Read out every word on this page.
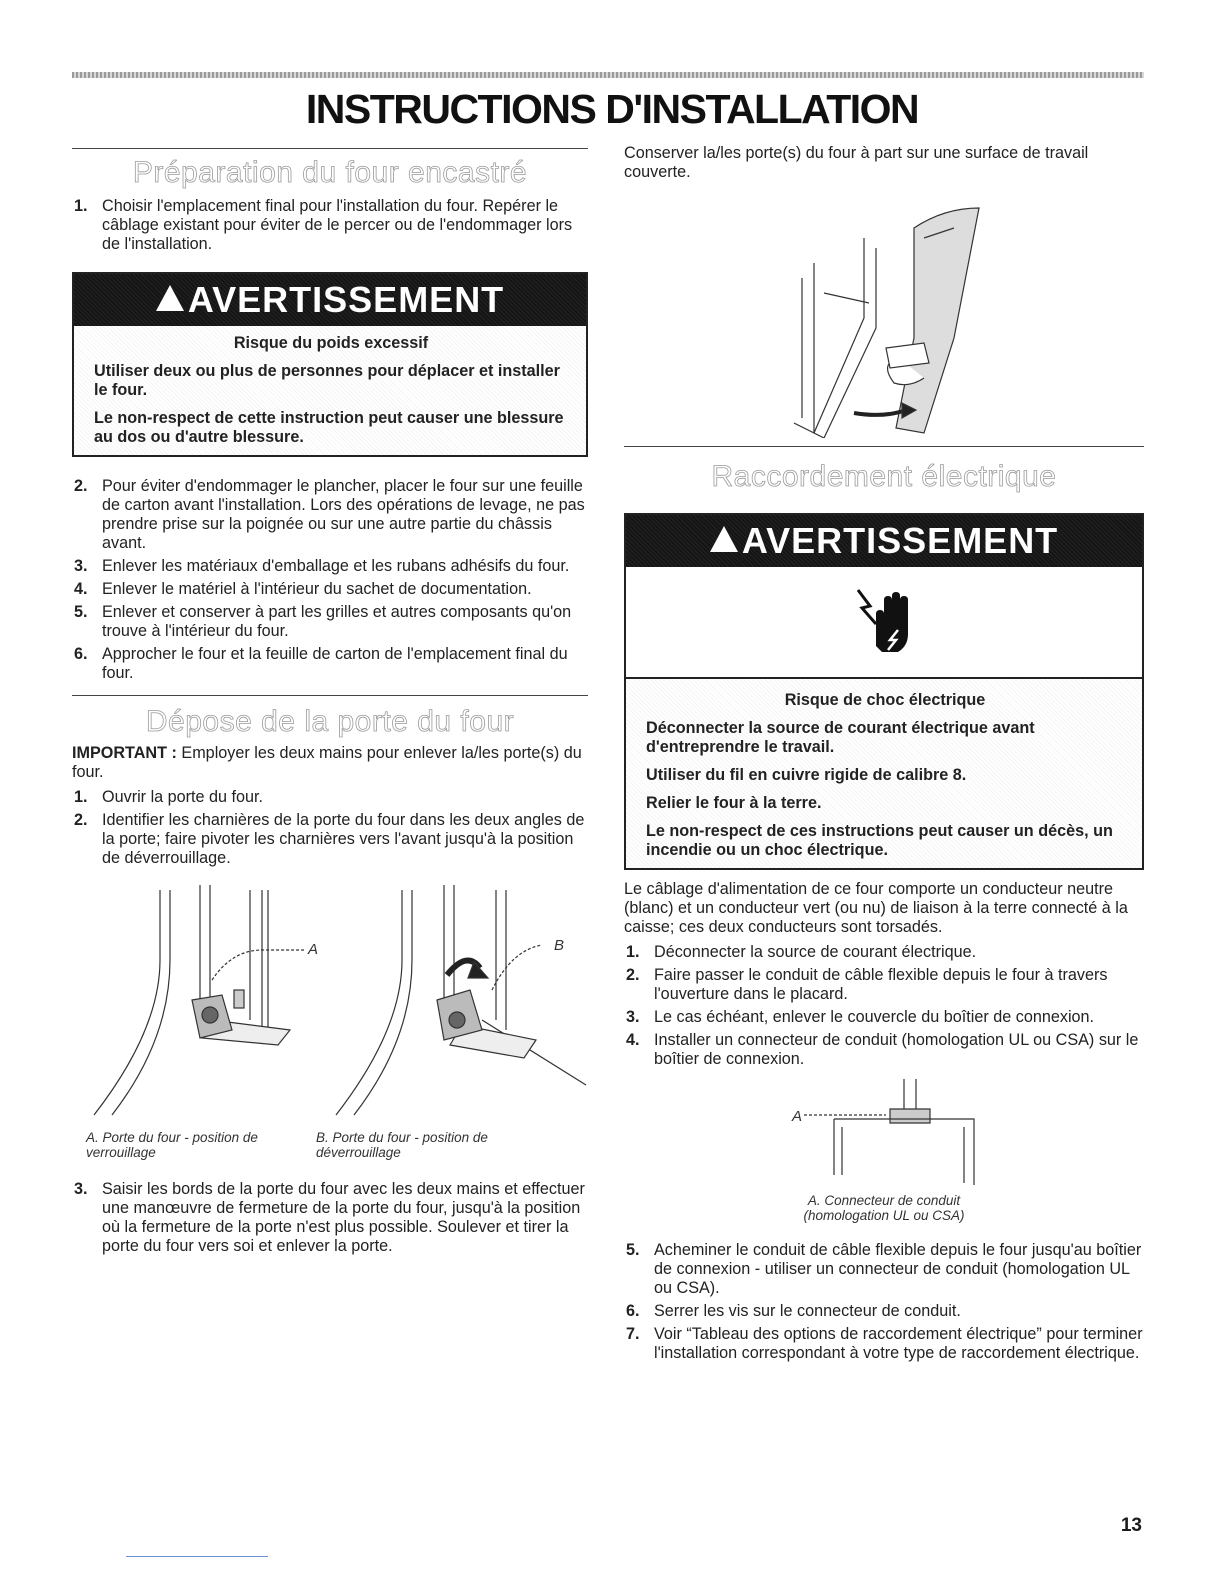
INSTRUCTIONS D'INSTALLATION
Préparation du four encastré
1. Choisir l'emplacement final pour l'installation du four. Repérer le câblage existant pour éviter de le percer ou de l'endommager lors de l'installation.
AVERTISSEMENT

Risque du poids excessif

Utiliser deux ou plus de personnes pour déplacer et installer le four.

Le non-respect de cette instruction peut causer une blessure au dos ou d'autre blessure.

2. Pour éviter d'endommager le plancher, placer le four sur une feuille de carton avant l'installation. Lors des opérations de levage, ne pas prendre prise sur la poignée ou sur une autre partie du châssis avant.
3. Enlever les matériaux d'emballage et les rubans adhésifs du four.
4. Enlever le matériel à l'intérieur du sachet de documentation.
5. Enlever et conserver à part les grilles et autres composants qu'on trouve à l'intérieur du four.
6. Approcher le four et la feuille de carton de l'emplacement final du four.
Dépose de la porte du four

IMPORTANT : Employer les deux mains pour enlever la/les porte(s) du four.

1. Ouvrir la porte du four.
2. Identifier les charnières de la porte du four dans les deux angles de la porte; faire pivoter les charnières vers l'avant jusqu'à la position de déverrouillage.
A	B
A. Porte du four - position de verrouillage
B. Porte du four - position de déverrouillage
3. Saisir les bords de la porte du four avec les deux mains et effectuer une manœuvre de fermeture de la porte du four, jusqu'à la position où la fermeture de la porte n'est plus possible. Soulever et tirer la porte du four vers soi et enlever la porte.

Conserver la/les porte(s) du four à part sur une surface de travail couverte.

Raccordement électrique
AVERTISSEMENT

Risque de choc électrique

Déconnecter la source de courant électrique avant d'entreprendre le travail.

Utiliser du fil en cuivre rigide de calibre 8.

Relier le four à la terre.

Le non-respect de ces instructions peut causer un décès, un incendie ou un choc électrique.

Le câblage d'alimentation de ce four comporte un conducteur neutre (blanc) et un conducteur vert (ou nu) de liaison à la terre connecté à la caisse; ces deux conducteurs sont torsadés.

1. Déconnecter la source de courant électrique.
2. Faire passer le conduit de câble flexible depuis le four à travers l'ouverture dans le placard.
3. Le cas échéant, enlever le couvercle du boîtier de connexion.
4. Installer un connecteur de conduit (homologation UL ou CSA) sur le boîtier de connexion.
A
A. Connecteur de conduit
(homologation UL ou CSA)
5. Acheminer le conduit de câble flexible depuis le four jusqu'au boîtier de connexion - utiliser un connecteur de conduit (homologation UL ou CSA).
6. Serrer les vis sur le connecteur de conduit.
7. Voir “Tableau des options de raccordement électrique” pour terminer l'installation correspondant à votre type de raccordement électrique.
13
